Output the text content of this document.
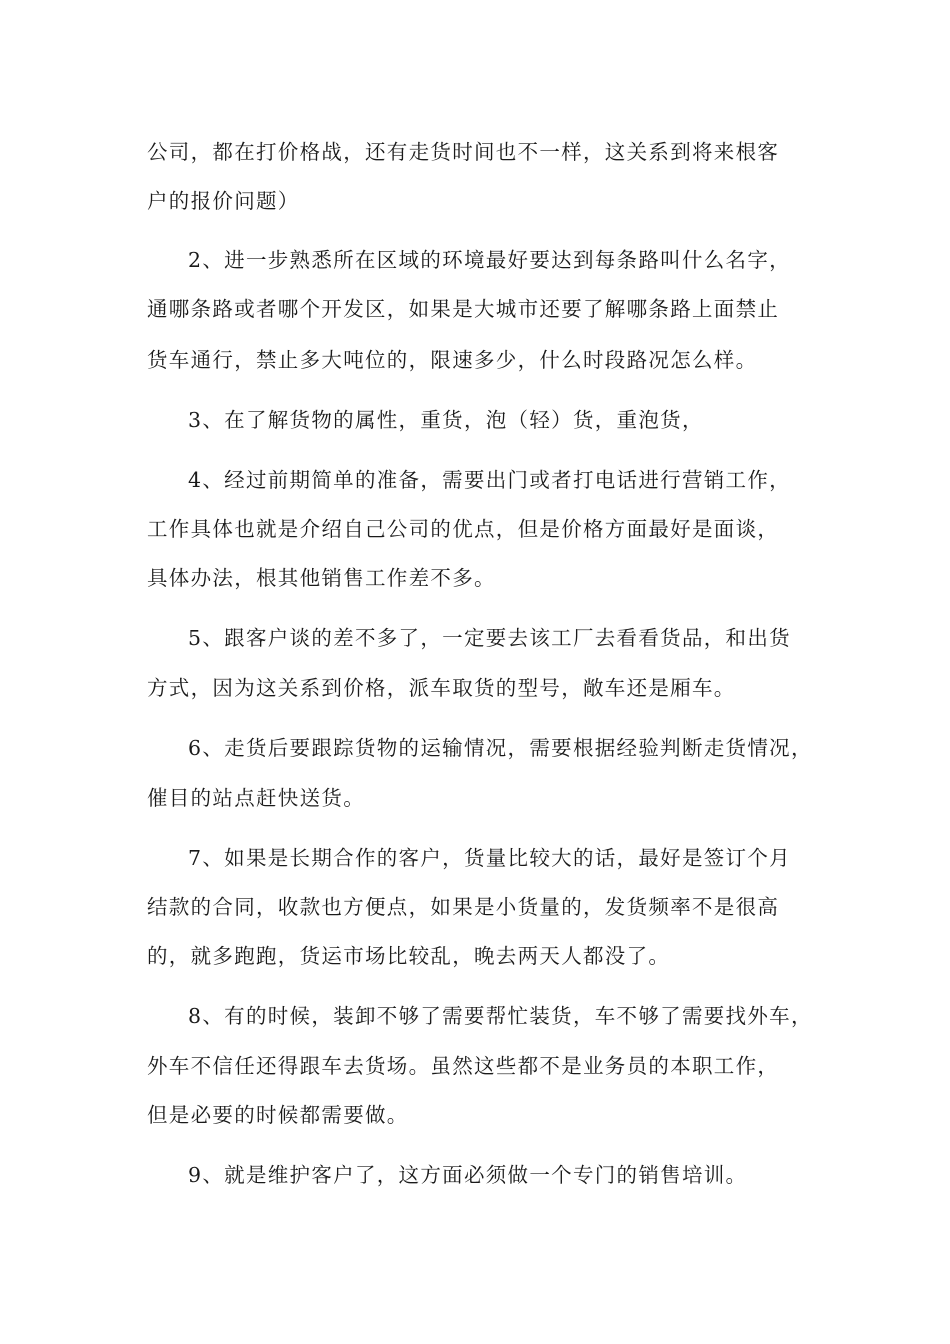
公司，都在打价格战，还有走货时间也不一样，这关系到将来根客
户的报价问题）
2、进一步熟悉所在区域的环境最好要达到每条路叫什么名字，
通哪条路或者哪个开发区，如果是大城市还要了解哪条路上面禁止
货车通行，禁止多大吨位的，限速多少，什么时段路况怎么样。
3、在了解货物的属性，重货，泡（轻）货，重泡货，
4、经过前期简单的准备，需要出门或者打电话进行营销工作，
工作具体也就是介绍自己公司的优点，但是价格方面最好是面谈，
具体办法，根其他销售工作差不多。
5、跟客户谈的差不多了，一定要去该工厂去看看货品，和出货
方式，因为这关系到价格，派车取货的型号，敞车还是厢车。
6、走货后要跟踪货物的运输情况，需要根据经验判断走货情况，
催目的站点赶快送货。
7、如果是长期合作的客户，货量比较大的话，最好是签订个月
结款的合同，收款也方便点，如果是小货量的，发货频率不是很高
的，就多跑跑，货运市场比较乱，晚去两天人都没了。
8、有的时候，装卸不够了需要帮忙装货，车不够了需要找外车，
外车不信任还得跟车去货场。虽然这些都不是业务员的本职工作，
但是必要的时候都需要做。
9、就是维护客户了，这方面必须做一个专门的销售培训。
